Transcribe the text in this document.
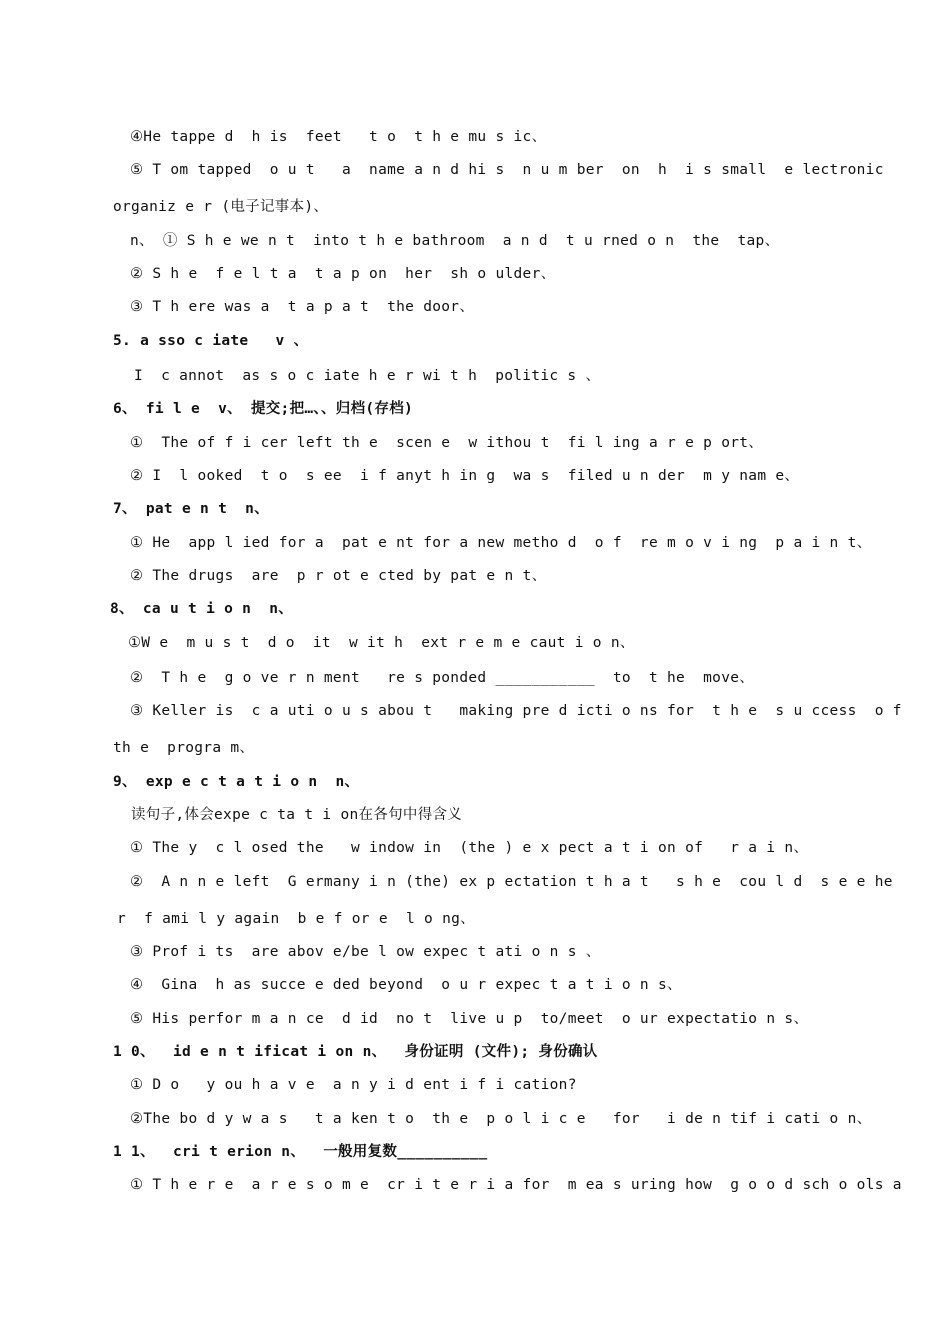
④He tappe d  h is  feet   t o  t h e mu s ic、
⑤ T om tapped  o u t   a  name a n d hi s  n u m ber  on  h  i s small  e lectronic
organiz e r (电子记事本)、
n、 ① S h e we n t  into t h e bathroom  a n d  t u rned o n  the  tap、
② S h e  f e l t a  t a p on  her  sh o ulder、
③ T h ere was a  t a p a t  the door、
5. a sso c iate   v 、
I  c annot  as s o c iate h e r wi t h  politic s 、
6、 fi l e  v、 提交;把…、、归档(存档)
①  The of f i cer left th e  scen e  w ithou t  fi l ing a r e p ort、
② I  l ooked  t o  s ee  i f anyt h in g  wa s  filed u n der  m y nam e、
7、 pat e n t  n、
① He  app l ied for a  pat e nt for a new metho d  o f  re m o v i ng  p a i n t、
② The drugs  are  p r ot e cted by pat e n t、
8、 ca u t i o n  n、
①W e  m u s t  d o  it  w it h  ext r e m e caut i o n、
②  T h e  g o ve r n ment   re s ponded ___________  to  t he  move、
③ Keller is  c a uti o u s abou t   making pre d icti o ns for  t h e  s u ccess  o f
th e  progra m、
9、 exp e c t a t i o n  n、
读句子,体会expe c ta t i on在各句中得含义
① The y  c l osed the   w indow in  (the ) e x pect a t i on of   r a i n、
②  A n n e left  G ermany i n (the) ex p ectation t h a t   s h e  cou l d  s e e he
r  f ami l y again  b e f or e  l o ng、
③ Prof i ts  are abov e/be l ow expec t ati o n s 、
④  Gina  h as succe e ded beyond  o u r expec t a t i o n s、
⑤ His perfor m a n ce  d id  no t  live u p  to/meet  o ur expectatio n s、
1 0、  id e n t ificat i on n、  身份证明 (文件); 身份确认
① D o   y ou h a v e  a n y i d ent i f i cation?
②The bo d y w a s   t a ken t o  th e  p o l i c e   for   i de n tif i cati o n、
1 1、  cri t erion n、  一般用复数__________
① T h e r e  a r e s o m e  cr i t e r i a for  m ea s uring how  g o o d sch o ols a
